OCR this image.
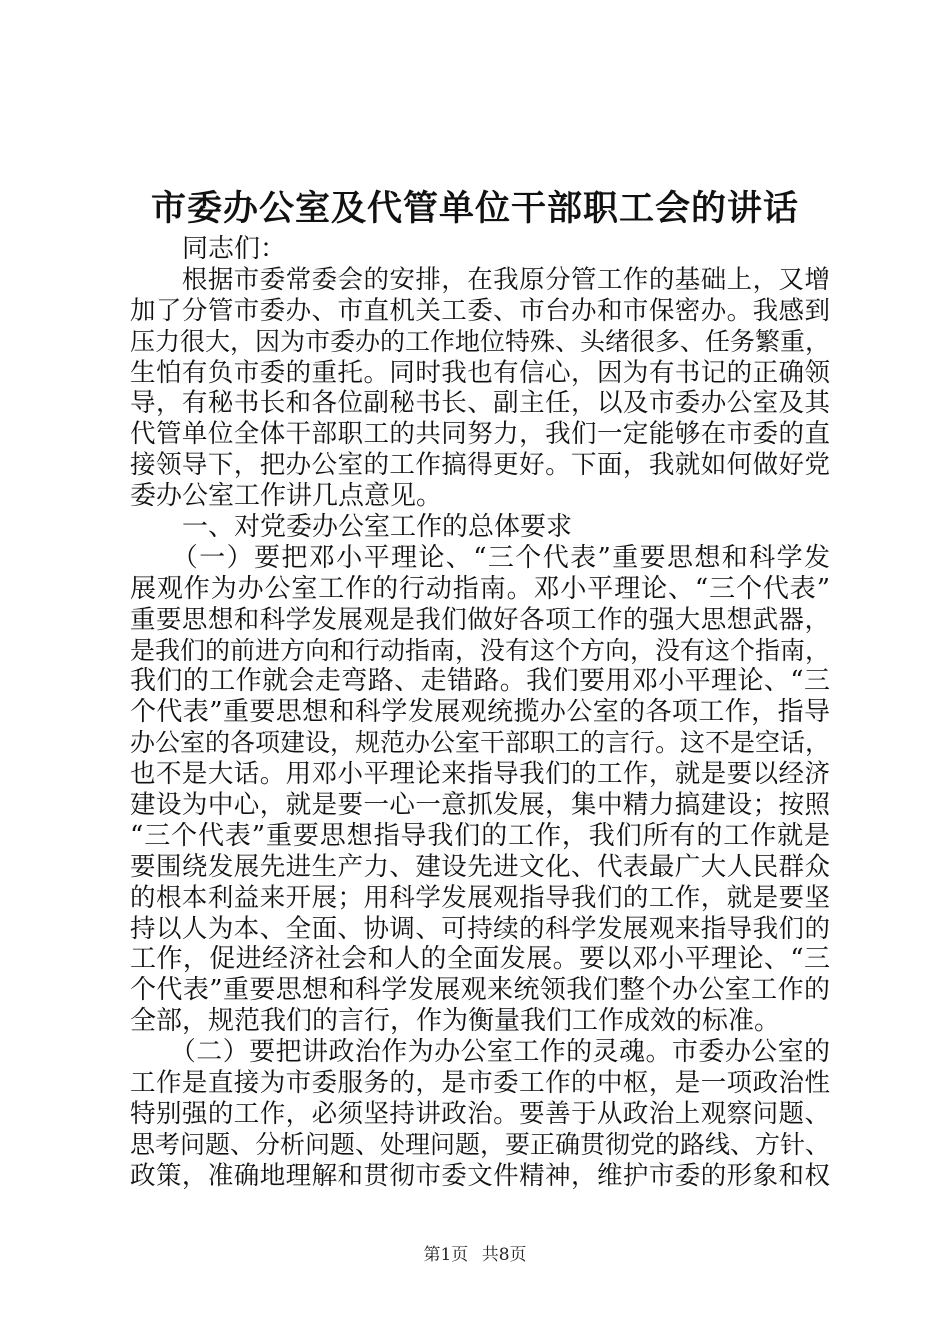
市委办公室及代管单位干部职工会的讲话
　　同志们：
　　根据市委常委会的安排，在我原分管工作的基础上，又增
加了分管市委办、市直机关工委、市台办和市保密办。我感到
压力很大，因为市委办的工作地位特殊、头绪很多、任务繁重，
生怕有负市委的重托。同时我也有信心，因为有书记的正确领
导，有秘书长和各位副秘书长、副主任，以及市委办公室及其
代管单位全体干部职工的共同努力，我们一定能够在市委的直
接领导下，把办公室的工作搞得更好。下面，我就如何做好党
委办公室工作讲几点意见。
　　一、对党委办公室工作的总体要求
　　（一）要把邓小平理论、“三个代表”重要思想和科学发
展观作为办公室工作的行动指南。邓小平理论、“三个代表”
重要思想和科学发展观是我们做好各项工作的强大思想武器，
是我们的前进方向和行动指南，没有这个方向，没有这个指南，
我们的工作就会走弯路、走错路。我们要用邓小平理论、“三
个代表”重要思想和科学发展观统揽办公室的各项工作，指导
办公室的各项建设，规范办公室干部职工的言行。这不是空话，
也不是大话。用邓小平理论来指导我们的工作，就是要以经济
建设为中心，就是要一心一意抓发展，集中精力搞建设；按照
“三个代表”重要思想指导我们的工作，我们所有的工作就是
要围绕发展先进生产力、建设先进文化、代表最广大人民群众
的根本利益来开展；用科学发展观指导我们的工作，就是要坚
持以人为本、全面、协调、可持续的科学发展观来指导我们的
工作，促进经济社会和人的全面发展。要以邓小平理论、“三
个代表”重要思想和科学发展观来统领我们整个办公室工作的
全部，规范我们的言行，作为衡量我们工作成效的标准。
　　（二）要把讲政治作为办公室工作的灵魂。市委办公室的
工作是直接为市委服务的，是市委工作的中枢，是一项政治性
特别强的工作，必须坚持讲政治。要善于从政治上观察问题、
思考问题、分析问题、处理问题，要正确贯彻党的路线、方针、
政策，准确地理解和贯彻市委文件精神，维护市委的形象和权
第1页 共8页
